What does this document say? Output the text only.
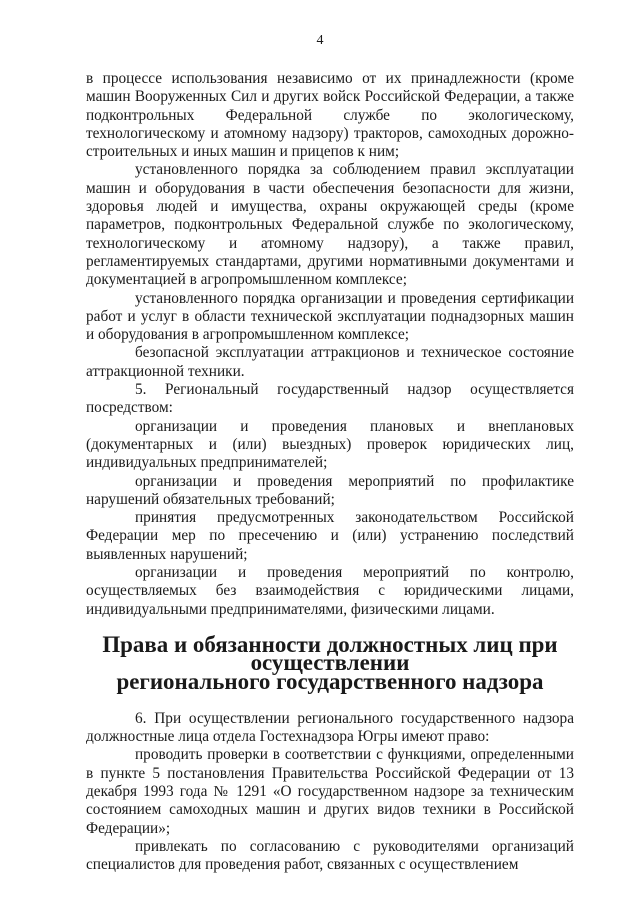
4

в процессе использования независимо от их принадлежности (кроме машин Вооруженных Сил и других войск Российской Федерации, а также подконтрольных Федеральной службе по экологическому, технологическому и атомному надзору) тракторов, самоходных дорожно-строительных и иных машин и прицепов к ним;

установленного порядка за соблюдением правил эксплуатации машин и оборудования в части обеспечения безопасности для жизни, здоровья людей и имущества, охраны окружающей среды (кроме параметров, подконтрольных Федеральной службе по экологическому, технологическому и атомному надзору), а также правил, регламентируемых стандартами, другими нормативными документами и документацией в агропромышленном комплексе;

установленного порядка организации и проведения сертификации работ и услуг в области технической эксплуатации поднадзорных машин и оборудования в агропромышленном комплексе;

безопасной эксплуатации аттракционов и техническое состояние аттракционной техники.

5. Региональный государственный надзор осуществляется посредством:

организации и проведения плановых и внеплановых (документарных и (или) выездных) проверок юридических лиц, индивидуальных предпринимателей;

организации и проведения мероприятий по профилактике нарушений обязательных требований;

принятия предусмотренных законодательством Российской Федерации мер по пресечению и (или) устранению последствий выявленных нарушений;

организации и проведения мероприятий по контролю, осуществляемых без взаимодействия с юридическими лицами, индивидуальными предпринимателями, физическими лицами.

Права и обязанности должностных лиц при осуществлении
регионального государственного надзора

6. При осуществлении регионального государственного надзора должностные лица отдела Гостехнадзора Югры имеют право:

проводить проверки в соответствии с функциями, определенными в пункте 5 постановления Правительства Российской Федерации от 13 декабря 1993 года № 1291 «О государственном надзоре за техническим состоянием самоходных машин и других видов техники в Российской Федерации»;

привлекать по согласованию с руководителями организаций специалистов для проведения работ, связанных с осуществлением
